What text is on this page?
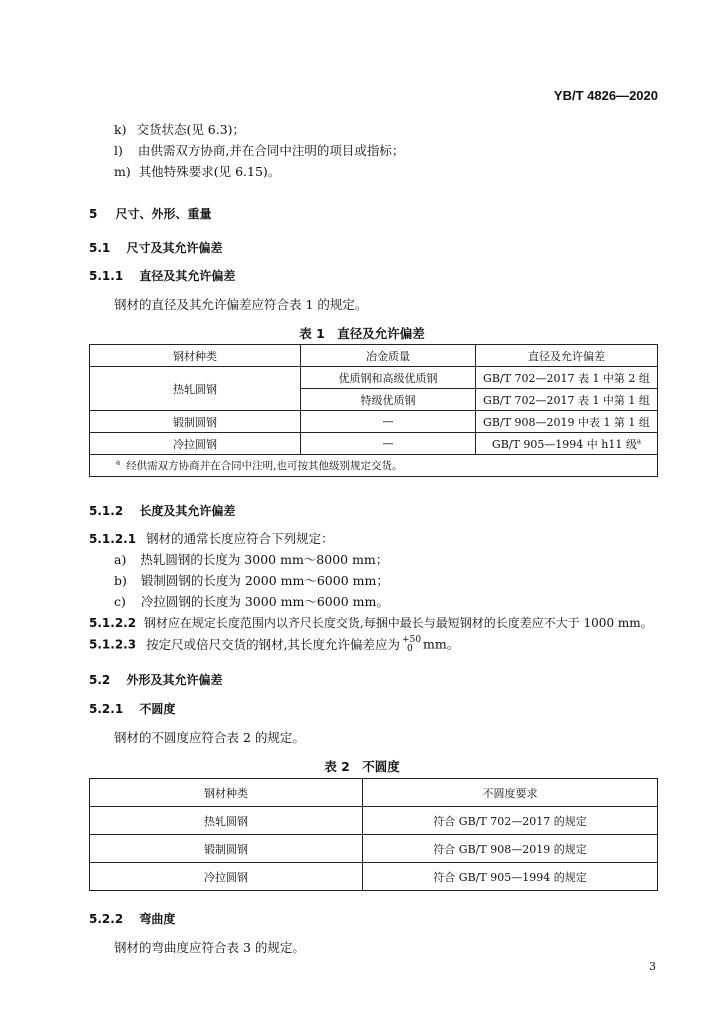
YB/T 4826—2020
k) 交货状态(见 6.3)；
l) 由供需双方协商,并在合同中注明的项目或指标；
m) 其他特殊要求(见 6.15)。
5 尺寸、外形、重量
5.1 尺寸及其允许偏差
5.1.1 直径及其允许偏差
钢材的直径及其允许偏差应符合表 1 的规定。
表 1　直径及允许偏差
钢材种类	冶金质量	直径及允许偏差
热轧圆钢	优质钢和高级优质钢	GB/T 702—2017 表 1 中第 2 组
	特级优质钢	GB/T 702—2017 表 1 中第 1 组
锻制圆钢	—	GB/T 908—2019 中表 1 第 1 组
冷拉圆钢	—	GB/T 905—1994 中 h11 级$^a$
$^a$ 经供需双方协商并在合同中注明,也可按其他级别规定交货。		
5.1.2 长度及其允许偏差
5.1.2.1 钢材的通常长度应符合下列规定：
a) 热轧圆钢的长度为 3000 mm～8000 mm；
b) 锻制圆钢的长度为 2000 mm～6000 mm；
c) 冷拉圆钢的长度为 3000 mm～6000 mm。
5.1.2.2 钢材应在规定长度范围内以齐尺长度交货,每捆中最长与最短钢材的长度差应不大于 1000 mm。
5.1.2.3 按定尺或倍尺交货的钢材,其长度允许偏差应为 +50
0 mm。
5.2 外形及其允许偏差
5.2.1 不圆度
钢材的不圆度应符合表 2 的规定。
表 2　不圆度
钢材种类	不圆度要求
热轧圆钢	符合 GB/T 702—2017 的规定
锻制圆钢	符合 GB/T 908—2019 的规定
冷拉圆钢	符合 GB/T 905—1994 的规定
5.2.2 弯曲度
钢材的弯曲度应符合表 3 的规定。
3
